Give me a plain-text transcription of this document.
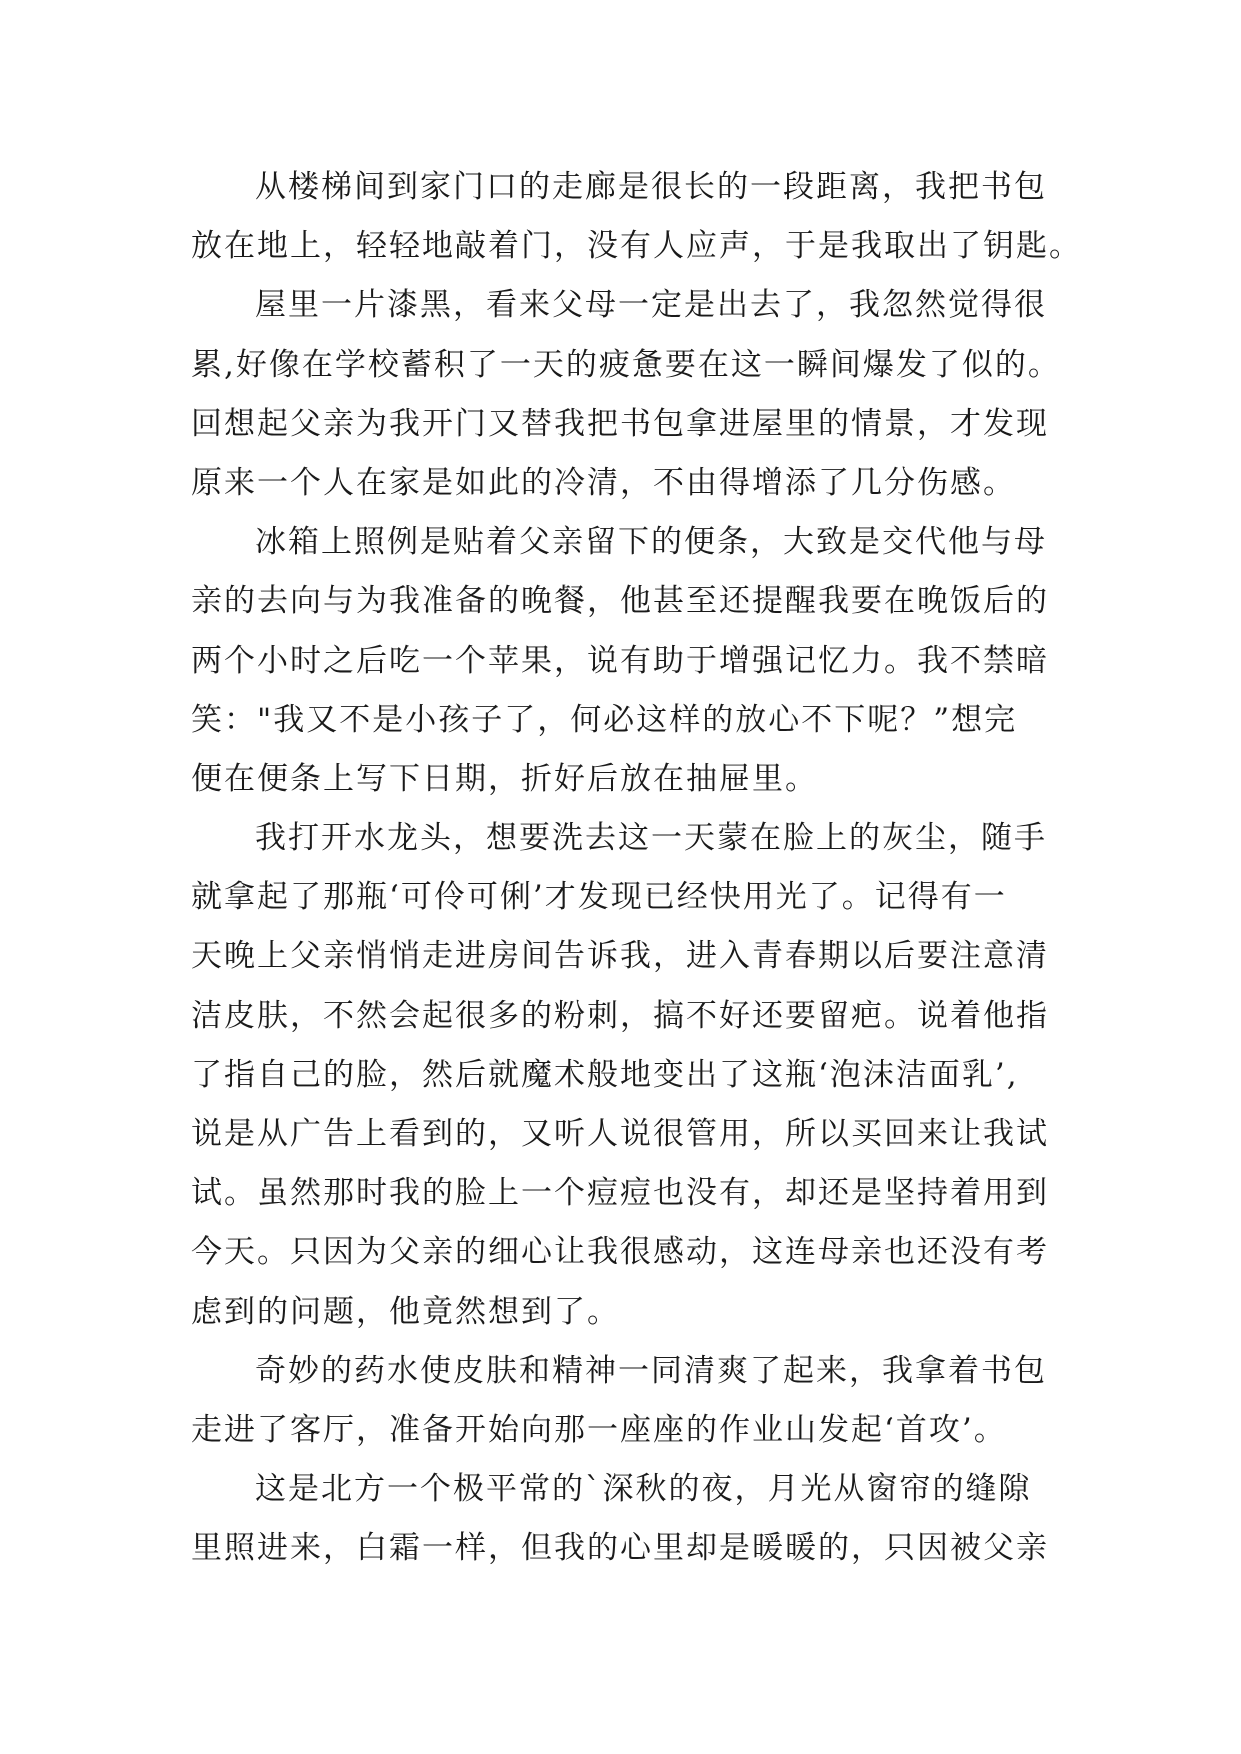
从楼梯间到家门口的走廊是很长的一段距离，我把书包
放在地上，轻轻地敲着门，没有人应声，于是我取出了钥匙。
屋里一片漆黑，看来父母一定是出去了，我忽然觉得很
累,好像在学校蓄积了一天的疲惫要在这一瞬间爆发了似的。
回想起父亲为我开门又替我把书包拿进屋里的情景，才发现
原来一个人在家是如此的冷清，不由得增添了几分伤感。
冰箱上照例是贴着父亲留下的便条，大致是交代他与母
亲的去向与为我准备的晚餐，他甚至还提醒我要在晚饭后的
两个小时之后吃一个苹果，说有助于增强记忆力。我不禁暗
笑："我又不是小孩子了，何必这样的放心不下呢？”想完
便在便条上写下日期，折好后放在抽屉里。
我打开水龙头，想要洗去这一天蒙在脸上的灰尘，随手
就拿起了那瓶‘可伶可俐’才发现已经快用光了。记得有一
天晚上父亲悄悄走进房间告诉我，进入青春期以后要注意清
洁皮肤，不然会起很多的粉刺，搞不好还要留疤。说着他指
了指自己的脸，然后就魔术般地变出了这瓶‘泡沫洁面乳’,
说是从广告上看到的，又听人说很管用，所以买回来让我试
试。虽然那时我的脸上一个痘痘也没有，却还是坚持着用到
今天。只因为父亲的细心让我很感动，这连母亲也还没有考
虑到的问题，他竟然想到了。
奇妙的药水使皮肤和精神一同清爽了起来，我拿着书包
走进了客厅，准备开始向那一座座的作业山发起‘首攻’。
这是北方一个极平常的`深秋的夜，月光从窗帘的缝隙
里照进来，白霜一样，但我的心里却是暖暖的，只因被父亲
